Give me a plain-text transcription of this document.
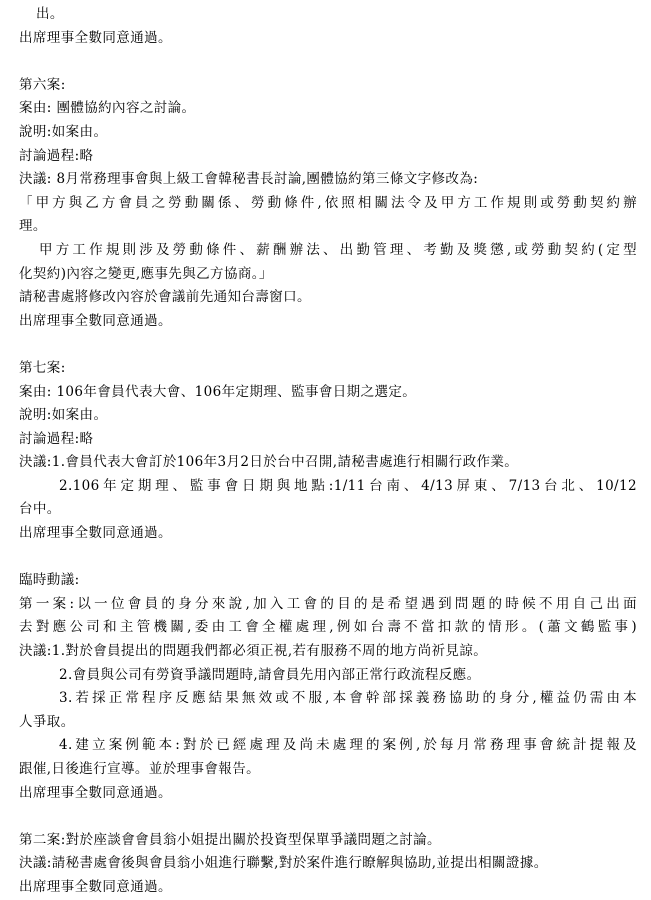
出。
出席理事全數同意通過。
第六案:
案由: 團體協約內容之討論。
說明:如案由。
討論過程:略
決議: 8月常務理事會與上級工會韓秘書長討論,團體協約第三條文字修改為:
「甲方與乙方會員之勞動關係、勞動條件,依照相關法令及甲方工作規則或勞動契約辦
理。
甲方工作規則涉及勞動條件、薪酬辦法、出勤管理、考勤及獎懲,或勞動契約(定型
化契約)內容之變更,應事先與乙方協商。」
請秘書處將修改內容於會議前先通知台壽窗口。
出席理事全數同意通過。
第七案:
案由: 106年會員代表大會、106年定期理、監事會日期之選定。
說明:如案由。
討論過程:略
決議:1.會員代表大會訂於106年3月2日於台中召開,請秘書處進行相關行政作業。
2.106年定期理、監事會日期與地點:1/11台南、4/13屏東、7/13台北、10/12
台中。
出席理事全數同意通過。
臨時動議:
第一案:以一位會員的身分來說,加入工會的目的是希望遇到問題的時候不用自己出面
去對應公司和主管機關,委由工會全權處理,例如台壽不當扣款的情形。(蕭文鶴監事)
決議:1.對於會員提出的問題我們都必須正視,若有服務不周的地方尚祈見諒。
2.會員與公司有勞資爭議問題時,請會員先用內部正常行政流程反應。
3.若採正常程序反應結果無效或不服,本會幹部採義務協助的身分,權益仍需由本
人爭取。
4.建立案例範本:對於已經處理及尚未處理的案例,於每月常務理事會統計提報及
跟催,日後進行宣導。並於理事會報告。
出席理事全數同意通過。
第二案:對於座談會會員翁小姐提出關於投資型保單爭議問題之討論。
決議:請秘書處會後與會員翁小姐進行聯繫,對於案件進行瞭解與協助,並提出相關證據。
出席理事全數同意通過。
